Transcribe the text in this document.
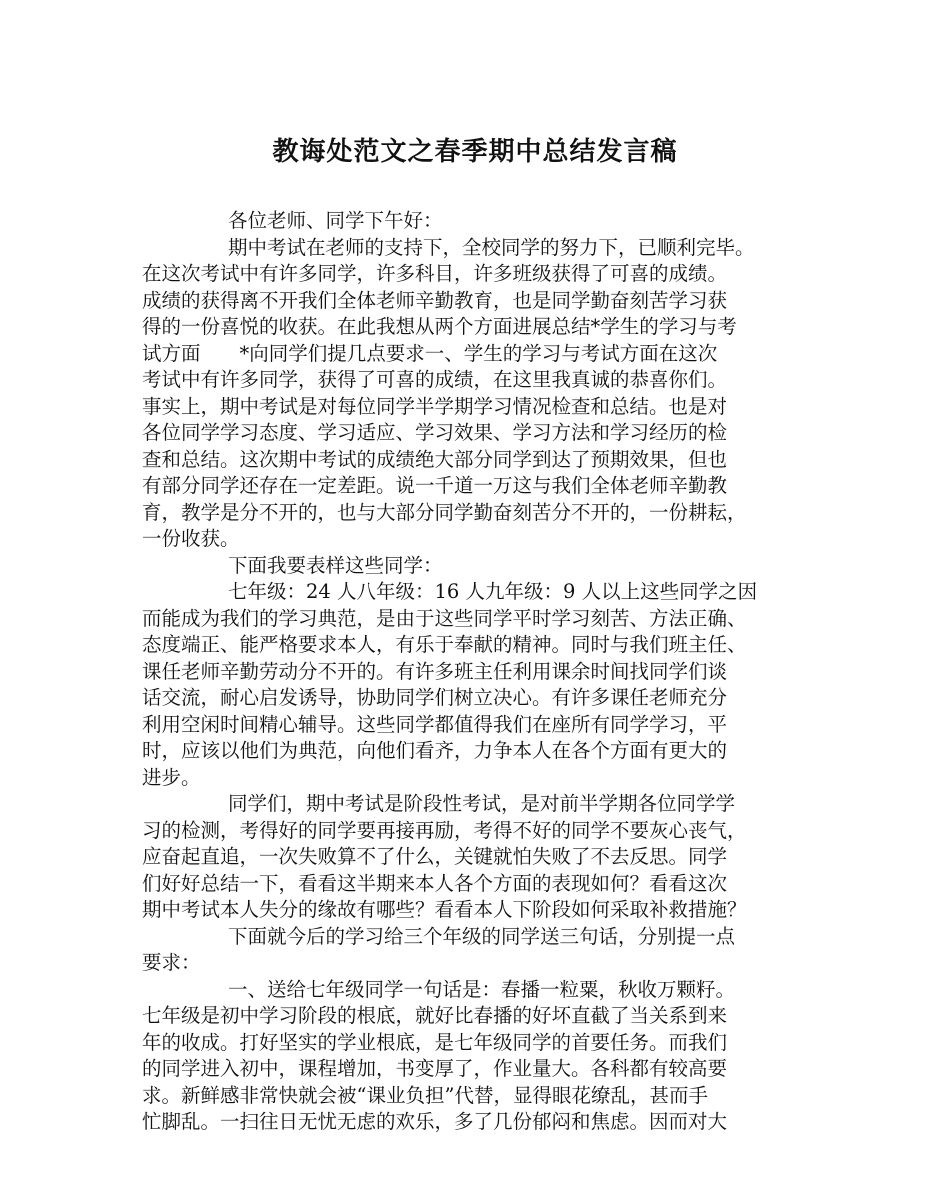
教诲处范文之春季期中总结发言稿
各位老师、同学下午好：
期中考试在老师的支持下，全校同学的努力下，已顺利完毕。
在这次考试中有许多同学，许多科目，许多班级获得了可喜的成绩。
成绩的获得离不开我们全体老师辛勤教育，也是同学勤奋刻苦学习获
得的一份喜悦的收获。在此我想从两个方面进展总结*学生的学习与考
试方面　　*向同学们提几点要求一、学生的学习与考试方面在这次
考试中有许多同学，获得了可喜的成绩，在这里我真诚的恭喜你们。
事实上，期中考试是对每位同学半学期学习情况检查和总结。也是对
各位同学学习态度、学习适应、学习效果、学习方法和学习经历的检
查和总结。这次期中考试的成绩绝大部分同学到达了预期效果，但也
有部分同学还存在一定差距。说一千道一万这与我们全体老师辛勤教
育，教学是分不开的，也与大部分同学勤奋刻苦分不开的，一份耕耘，
一份收获。
下面我要表样这些同学：
七年级：24 人八年级：16 人九年级：9 人以上这些同学之因
而能成为我们的学习典范，是由于这些同学平时学习刻苦、方法正确、
态度端正、能严格要求本人，有乐于奉献的精神。同时与我们班主任、
课任老师辛勤劳动分不开的。有许多班主任利用课余时间找同学们谈
话交流，耐心启发诱导，协助同学们树立决心。有许多课任老师充分
利用空闲时间精心辅导。这些同学都值得我们在座所有同学学习，平
时，应该以他们为典范，向他们看齐，力争本人在各个方面有更大的
进步。
同学们，期中考试是阶段性考试，是对前半学期各位同学学
习的检测，考得好的同学要再接再励，考得不好的同学不要灰心丧气，
应奋起直追，一次失败算不了什么，关键就怕失败了不去反思。同学
们好好总结一下，看看这半期来本人各个方面的表现如何？看看这次
期中考试本人失分的缘故有哪些？看看本人下阶段如何采取补救措施？
下面就今后的学习给三个年级的同学送三句话，分别提一点
要求：
一、送给七年级同学一句话是：春播一粒粟，秋收万颗籽。
七年级是初中学习阶段的根底，就好比春播的好坏直截了当关系到来
年的收成。打好坚实的学业根底，是七年级同学的首要任务。而我们
的同学进入初中，课程增加，书变厚了，作业量大。各科都有较高要
求。新鲜感非常快就会被“课业负担”代替，显得眼花缭乱，甚而手
忙脚乱。一扫往日无忧无虑的欢乐，多了几份郁闷和焦虑。因而对大
